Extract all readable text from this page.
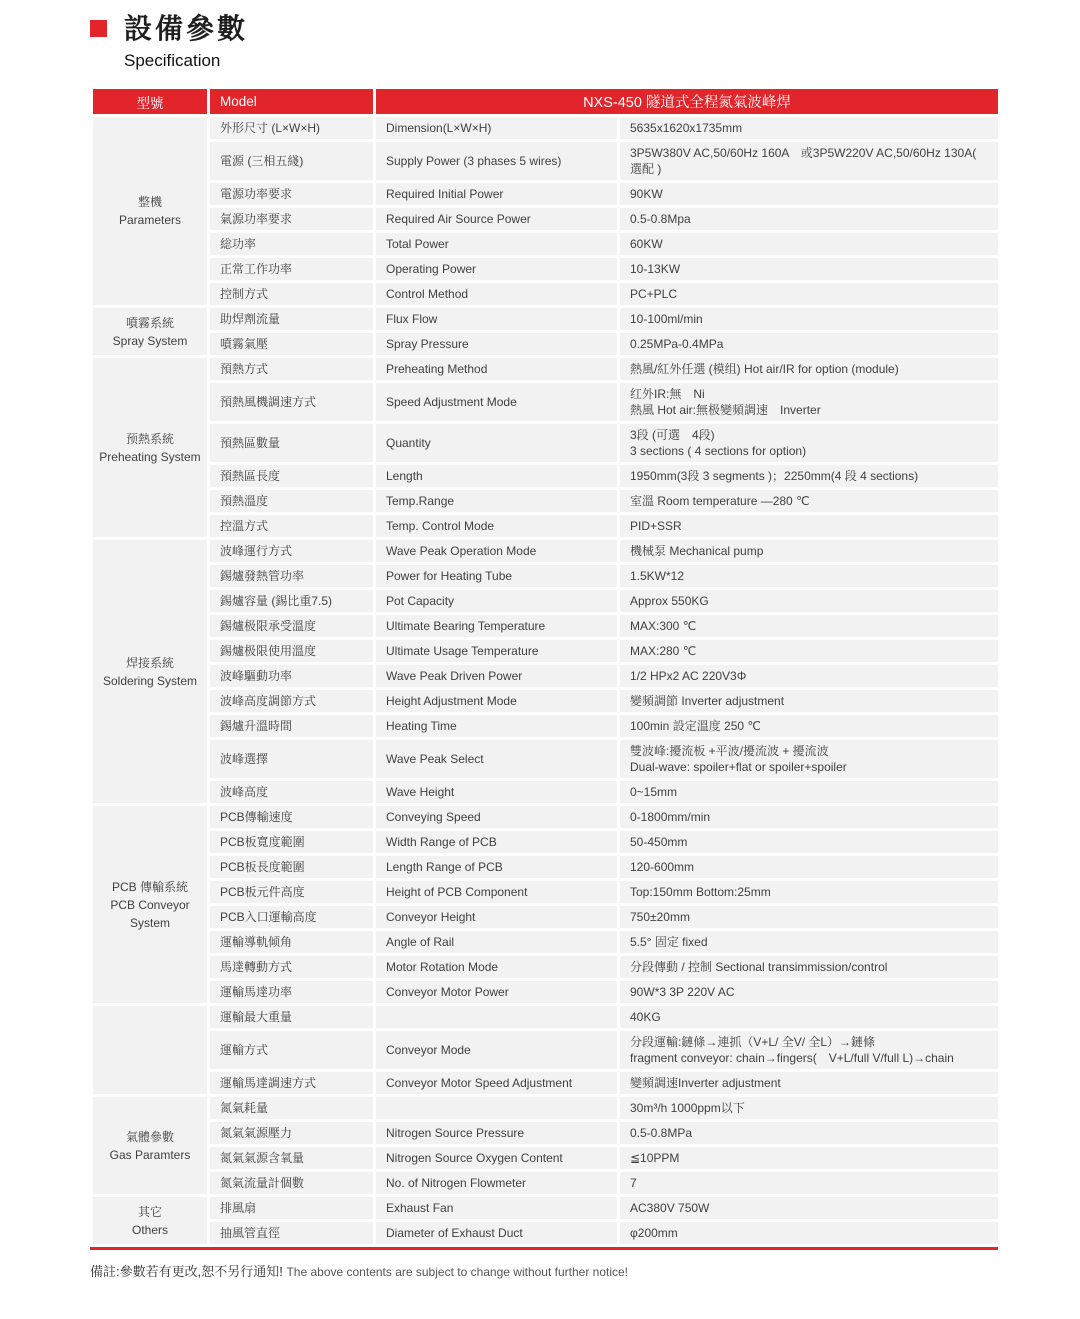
設備參數
Specification
型號	Model	NXS-450 隧道式全程氮氣波峰焊	

整機
Parameters	外形尺寸 (L×W×H)	Dimension(L×W×H)	5635x1620x1735mm
	電源 (三相五綫)	Supply Power (3 phases 5 wires)	3P5W380V AC,50/60Hz 160A　或3P5W220V AC,50/60Hz 130A( 選配 )
	電源功率要求	Required Initial Power	90KW
	氣源功率要求	Required Air Source Power	0.5-0.8Mpa
	総功率	Total Power	60KW
	正常工作功率	Operating Power	10-13KW
	控制方式	Control Method	PC+PLC

噴霧系統
Spray System	助焊劑流量	Flux Flow	10-100ml/min
	噴霧氣壓	Spray Pressure	0.25MPa-0.4MPa

预熱系統
Preheating System	預熱方式	Preheating Method	熱風/紅外任選 (模组) Hot air/IR for option (module)
	預熱風機調速方式	Speed Adjustment Mode	红外IR:無　Ni
熱風 Hot air:無极變頻調速　Inverter

	預熱區數量	Quantity	3段 (可選　4段)
3 sections ( 4 sections for option)

	預熱區長度	Length	1950mm(3段 3 segments )；2250mm(4 段 4 sections)
	預熱溫度	Temp.Range	室溫 Room temperature —280 ℃
	控溫方式	Temp. Control Mode	PID+SSR

焊接系統
Soldering System	波峰運行方式	Wave Peak Operation Mode	機械泵 Mechanical pump
	錫爐發熱管功率	Power for Heating Tube	1.5KW*12
	錫爐容量 (錫比重7.5)	Pot Capacity	Approx 550KG
	錫爐极限承受溫度	Ultimate Bearing Temperature	MAX:300 ℃
	錫爐极限使用溫度	Ultimate Usage Temperature	MAX:280 ℃
	波峰驅動功率	Wave Peak Driven Power	1/2 HPx2 AC 220V3Φ
	波峰高度調節方式	Height Adjustment Mode	變頻調節 Inverter adjustment
	錫爐升溫時間	Heating Time	100min 設定溫度 250 ℃
	波峰選擇	Wave Peak Select	雙波峰:擾流板 +平波/擾流波 + 擾流波
Dual-wave: spoiler+flat or spoiler+spoiler

	波峰高度	Wave Height	0~15mm

PCB 傳輸系統
PCB Conveyor System	PCB傳輸速度	Conveying Speed	0-1800mm/min
	PCB板寬度範圍	Width Range of PCB	50-450mm
	PCB板長度範圍	Length Range of PCB	120-600mm
	PCB板元件高度	Height of PCB Component	Top:150mm Bottom:25mm
	PCB入口運輸高度	Conveyor Height	750±20mm
	運輸導軌倾角	Angle of Rail	5.5° 固定 fixed
	馬達轉動方式	Motor Rotation Mode	分段傳動 / 控制 Sectional transimmission/control
	運輸馬達功率	Conveyor Motor Power	90W*3 3P 220V AC

	運輸最大重量		40KG
	運輸方式	Conveyor Mode	分段運輸:鏈條→連抓（V+L/ 全V/ 全L）→鏈條
fragment conveyor: chain→fingers(　V+L/full V/full L)→chain

	運輸馬達調速方式	Conveyor Motor Speed Adjustment	變頻調速Inverter adjustment

氣體參數
Gas Paramters	氮氣耗量		30m³/h 1000ppm以下
	氮氣氣源壓力	Nitrogen Source Pressure	0.5-0.8MPa
	氮氣氣源含氧量	Nitrogen Source Oxygen Content	≦10PPM
	氮氣流量計個數	No. of Nitrogen Flowmeter	7

其它
Others	排風扇	Exhaust Fan	AC380V 750W
	抽風管直徑	Diameter of Exhaust Duct	φ200mm
備註:參數若有更改,恕不另行通知! The above contents are subject to change without further notice!
